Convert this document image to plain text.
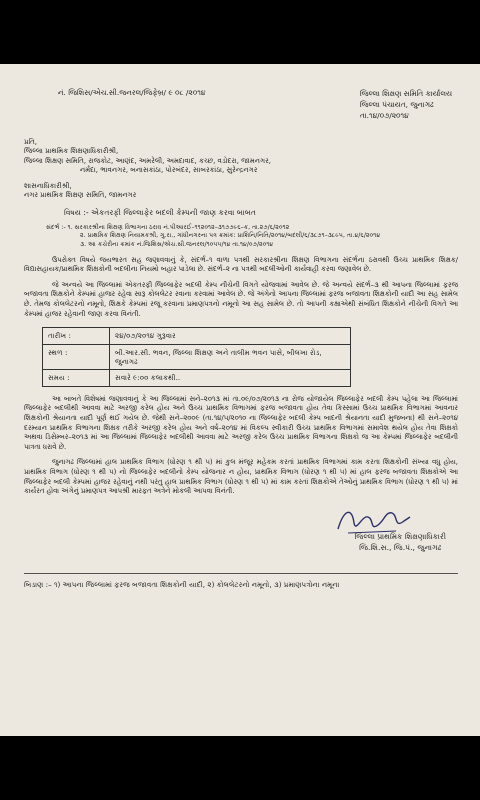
નં. જિશિસ/એચ.સી.જનરલ/જિફેબ્ર/ ૯ ૦૮ /૨૦૧૪	જિલ્લા શિક્ષણ સમિતિ કાર્યાલય
જિલ્લા પંચાયત, જુનાગઢ
તા.૧૪/૦૭/૨૦૧૪
પ્રતિ,
જિલ્લા પ્રાથમિક શિક્ષણાધિકારીશ્રી,
જિલ્લા શિક્ષણ સમિતિ, રાજકોટ, આણંદ, અમરેલી, અમદાવાદ, કચ્છ, વડોદરા, જામનગર,
નર્મદા, ભાવનગર, બનાસકાંઠા, પોરબંદર, સાબરકાંઠા, સુરેન્દ્રનગર
શાસનાધિકારીશ્રી,
નગર પ્રાથમિક શિક્ષણ સમિતિ, જામનગર
વિષય :- એકતરફી જિલ્લાફેર બદલી કેમ્પની જાણ કરવા બાબત
સંદર્ભ :- ૧. સરકારશ્રીના શિક્ષણ વિભાગના ઠરાવ નં.પીઆરઈ–૧૧૨૦૧૨–૩૧૭૭૯૬–ક, તા.૨૭/૬/૨૦૧૨
૨. પ્રાથમિક શિક્ષણ નિયામકશ્રી, ગુ.રા., ગાંધીનગરના પત્ર ક્રમાંક: પ્રાશિનિ/નિતિ/૨૦૧૪/બદલી/૬/૩૮૭૧–૩૮૯૫, તા.૪/૬/૨૦૧૪
૩. આ કચેરીના ક્રમાંક નં.જિશિસ/એચ.સી.જનરલ/૧૦૫૫/૧૪ તા.૧૪/૦૭/૨૦૧૪

ઉપરોક્ત વિષયે જયભારત સહ જણાવવાનું કે, સંદર્ભ–૧ વાળા પત્રથી સરકારશ્રીના શિક્ષણ વિભાગના સંદર્ભના ઠરાવથી ઉચ્ચ પ્રાથમિક શિક્ષક/વિદ્યાસહાયક/પ્રાથમિક શિક્ષકોની બદલીના નિયમો બહાર પાડેલા છે. સંદર્ભ–૨ ના પત્રથી બદલીઓની કાર્યવાહી કરવા જણાવેલ છે.

જે અન્વયે આ જિલ્લામાં એકતરફી જિલ્લાફેર બદલી કેમ્પ નીચેની વિગતે યોજવામાં આવેલ છે. જે અન્વયે સંદર્ભ–૩ થી આપના જિલ્લામાં ફરજ બજાવતા શિક્ષકોને કેમ્પમાં હાજર રહેવા સારૂ કોલલેટર રવાના કરવામાં આવેલ છે. જે અંગેનો આપના જિલ્લામાં ફરજ બજાવતા શિક્ષકોની યાદી આ સહ સામેલ છે. તેમજ કોલલેટરનો નમૂનો, શિક્ષકે કેમ્પમાં રજૂ કરવાના પ્રમાણપત્રનો નમૂનો આ સહ સામેલ છે. તો આપની કક્ષાએથી સંબંધિત શિક્ષકોને નીચેની વિગતે આ કેમ્પમાં હાજર રહેવાની જાણ કરવા વિનંતી.

તારીખ :	૨૪/૦૭/૨૦૧૪ ગુરૂવાર
સ્થળ :	બી.આર.સી. ભવન, જિલ્લા શિક્ષણ અને તાલીમ ભવન પાસે, બીલખા રોડ, જુનાગઢ
સમય :	સવારે ૯:૦૦ કલાકથી..

આ બાબતે વિશેષમાં જણાવવાનું કે આ જિલ્લામાં સને–૨૦૧૩ માં તા.૦૯/૦૭/૨૦૧૩ ના રોજ યોજાયેલ જિલ્લાફેર બદલી કેમ્પ પહેલા આ જિલ્લામાં જિલ્લાફેર બદલીથી આવવા માટે અરજી કરેલ હોય અને ઉચ્ચ પ્રાથમિક વિભાગમાં ફરજ બજાવતા હોય તેવા કિસ્સામાં ઉચ્ચ પ્રાથમિક વિભાગમાં આવનાર શિક્ષકોની શ્રેયાનતા યાદી પૂર્ણ થઈ ગયેલ છે. જેથી સને–૨૦૦૯ (તા.૧૪/૫/૨૦૧૦ ના જિલ્લાફેર બદલી કેમ્પ બાદની શ્રેયાનતા યાદી મુજબના) થી સને–૨૦૧૪ દરમ્યાન પ્રાથમિક વિભાગના શિક્ષક તરીકે અરજી કરેલ હોય અને વર્ષ–૨૦૧૪ માં વિકલ્પ સ્વીકારી ઉચ્ચ પ્રાથમિક વિભાગમાં સમાવેશ થયેલ હોય તેવા શિક્ષકો અથવા ડિસેમ્બર–૨૦૧૩ માં આ જિલ્લામાં જિલ્લાફેર બદલીથી આવવા માટે અરજી કરેલ ઉચ્ચ પ્રાથમિક વિભાગના શિક્ષકો જ આ કેમ્પમાં જિલ્લાફેર બદલીની પાત્રતા ધરાવે છે.

જુનાગઢ જિલ્લામાં હાલ પ્રાથમિક વિભાગ (ધોરણ ૧ થી ૫) માં કુલ મંજૂર મહેકમ કરતાં પ્રાથમિક વિભાગમાં કામ કરતા શિક્ષકોની સંખ્યા વધુ હોય, પ્રાથમિક વિભાગ (ધોરણ ૧ થી ૫) નો જિલ્લાફેર બદલીનો કેમ્પ યોજનાર ન હોય, પ્રાથમિક વિભાગ (ધોરણ ૧ થી ૫) માં હાલ ફરજ બજાવતા શિક્ષકોએ આ જિલ્લાફેર બદલી કેમ્પમાં હાજર રહેવાનું નથી પરંતુ હાલ પ્રાથમિક વિભાગ (ધોરણ ૧ થી ૫) માં કામ કરતાં શિક્ષકોએ તેઓનું પ્રાથમિક વિભાગ (ધોરણ ૧ થી ૫) માં કાર્યરત હોવા અંગેનું પ્રમાણપત્ર આપશ્રી મારફત અત્રેને મોકલી આપવા વિનંતી.

જિલ્લા પ્રાથમિક શિક્ષણાધિકારી
જિ.શિ.સ., જિ.પં., જુનાગઢ
બિડાણ :– ૧) આપના જિલ્લામાં ફરજ બજાવતા શિક્ષકોની યાદી, ૨) કોલલેટરનો નમૂનો, ૩) પ્રમાણપત્રોના નમૂના
